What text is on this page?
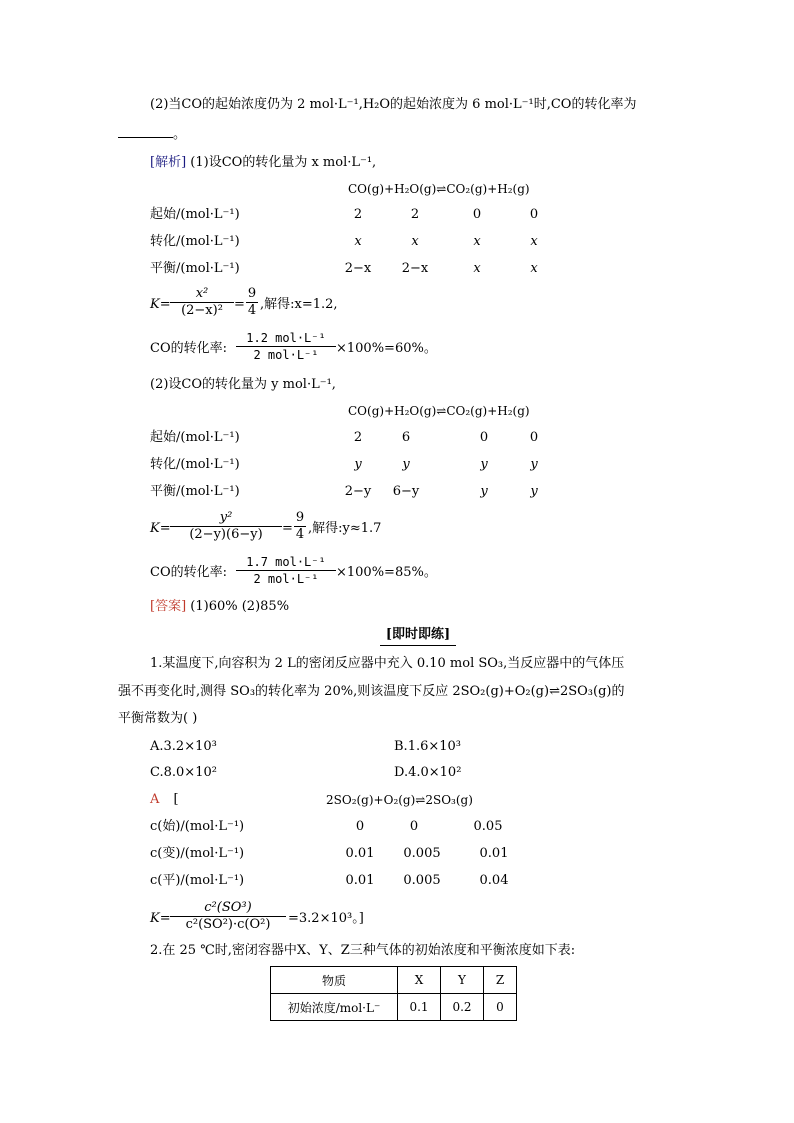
(2)当CO的起始浓度仍为 2 mol·L⁻¹,H₂O的起始浓度为 6 mol·L⁻¹时,CO的转化率为
。
[解析] (1)设CO的转化量为 x mol·L⁻¹,
CO(g)+H₂O(g)⇌CO₂(g)+H₂(g)
起始/(mol·L⁻¹)	2	2	0	0
转化/(mol·L⁻¹)	x	x	x	x
平衡/(mol·L⁻¹)	2−x	2−x	x	x
$K= \frac{\text{x²}}{\text{(2−x)²}} = \frac{9}{4}$ ,解得:x=1.2,
CO的转化率:
1.2 mol·L⁻¹
2 mol·L⁻¹	×100%=60%。
(2)设CO的转化量为 y mol·L⁻¹,
CO(g)+H₂O(g)⇌CO₂(g)+H₂(g)
起始/(mol·L⁻¹)	2	6	0	0
转化/(mol·L⁻¹)	y	y	y	y
平衡/(mol·L⁻¹)	2−y	6−y	y	y
$K= \frac{\text{y²}}{(2-y)(6-y)} = \frac{9}{4}$ ,解得:y≈1.7
CO的转化率:
1.7 mol·L⁻¹
2 mol·L⁻¹	×100%=85%。
[答案] (1)60% (2)85%
[即时即练]
1.某温度下,向容积为 2 L的密闭反应器中充入 0.10 mol SO₃,当反应器中的气体压
强不再变化时,测得 SO₃的转化率为 20%,则该温度下反应 2SO₂(g)+O₂(g)⇌2SO₃(g)的
平衡常数为( )
A.3.2×10³	B.1.6×10³
C.8.0×10²	D.4.0×10²
A [	2SO₂(g)+O₂(g)⇌2SO₃(g)
c(始)/(mol·L⁻¹)	0	0	0.05
c(变)/(mol·L⁻¹)	0.01	0.005	0.01
c(平)/(mol·L⁻¹)	0.01	0.005	0.04
$K= \frac{\text{c²(SO³)}}{\text{c²(SO²)·c(O²)}} =3.2\times 10^3$。]
2.在 25 ℃时,密闭容器中X、Y、Z三种气体的初始浓度和平衡浓度如下表:
物质	X	Y	Z
初始浓度/mol·L⁻	0.1	0.2	0
